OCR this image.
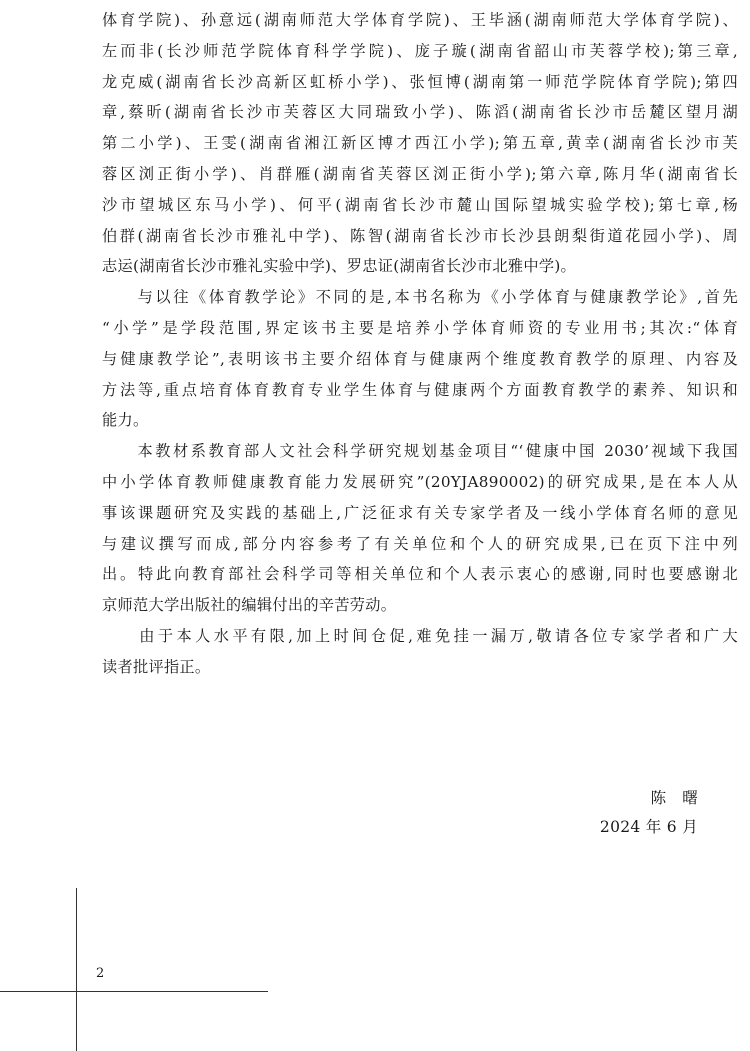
体育学院)、孙意远(湖南师范大学体育学院)、王毕涵(湖南师范大学体育学院)、
左而非(长沙师范学院体育科学学院)、庞子璇(湖南省韶山市芙蓉学校);第三章,
龙克威(湖南省长沙高新区虹桥小学)、张恒博(湖南第一师范学院体育学院);第四
章,蔡昕(湖南省长沙市芙蓉区大同瑞致小学)、陈滔(湖南省长沙市岳麓区望月湖
第二小学)、王雯(湖南省湘江新区博才西江小学);第五章,黄幸(湖南省长沙市芙
蓉区浏正街小学)、肖群雁(湖南省芙蓉区浏正街小学);第六章,陈月华(湖南省长
沙市望城区东马小学)、何平(湖南省长沙市麓山国际望城实验学校);第七章,杨
伯群(湖南省长沙市雅礼中学)、陈智(湖南省长沙市长沙县朗梨街道花园小学)、周
志运(湖南省长沙市雅礼实验中学)、罗忠证(湖南省长沙市北雅中学)。
　　与以往《体育教学论》不同的是,本书名称为《小学体育与健康教学论》,首先
“小学”是学段范围,界定该书主要是培养小学体育师资的专业用书;其次:“体育
与健康教学论”,表明该书主要介绍体育与健康两个维度教育教学的原理、内容及
方法等,重点培育体育教育专业学生体育与健康两个方面教育教学的素养、知识和
能力。
　　本教材系教育部人文社会科学研究规划基金项目“‘健康中国 2030’视域下我国
中小学体育教师健康教育能力发展研究”(20YJA890002)的研究成果,是在本人从
事该课题研究及实践的基础上,广泛征求有关专家学者及一线小学体育名师的意见
与建议撰写而成,部分内容参考了有关单位和个人的研究成果,已在页下注中列
出。特此向教育部社会科学司等相关单位和个人表示衷心的感谢,同时也要感谢北
京师范大学出版社的编辑付出的辛苦劳动。
　　由于本人水平有限,加上时间仓促,难免挂一漏万,敬请各位专家学者和广大
读者批评指正。
陈　曙
2024 年 6 月
2
